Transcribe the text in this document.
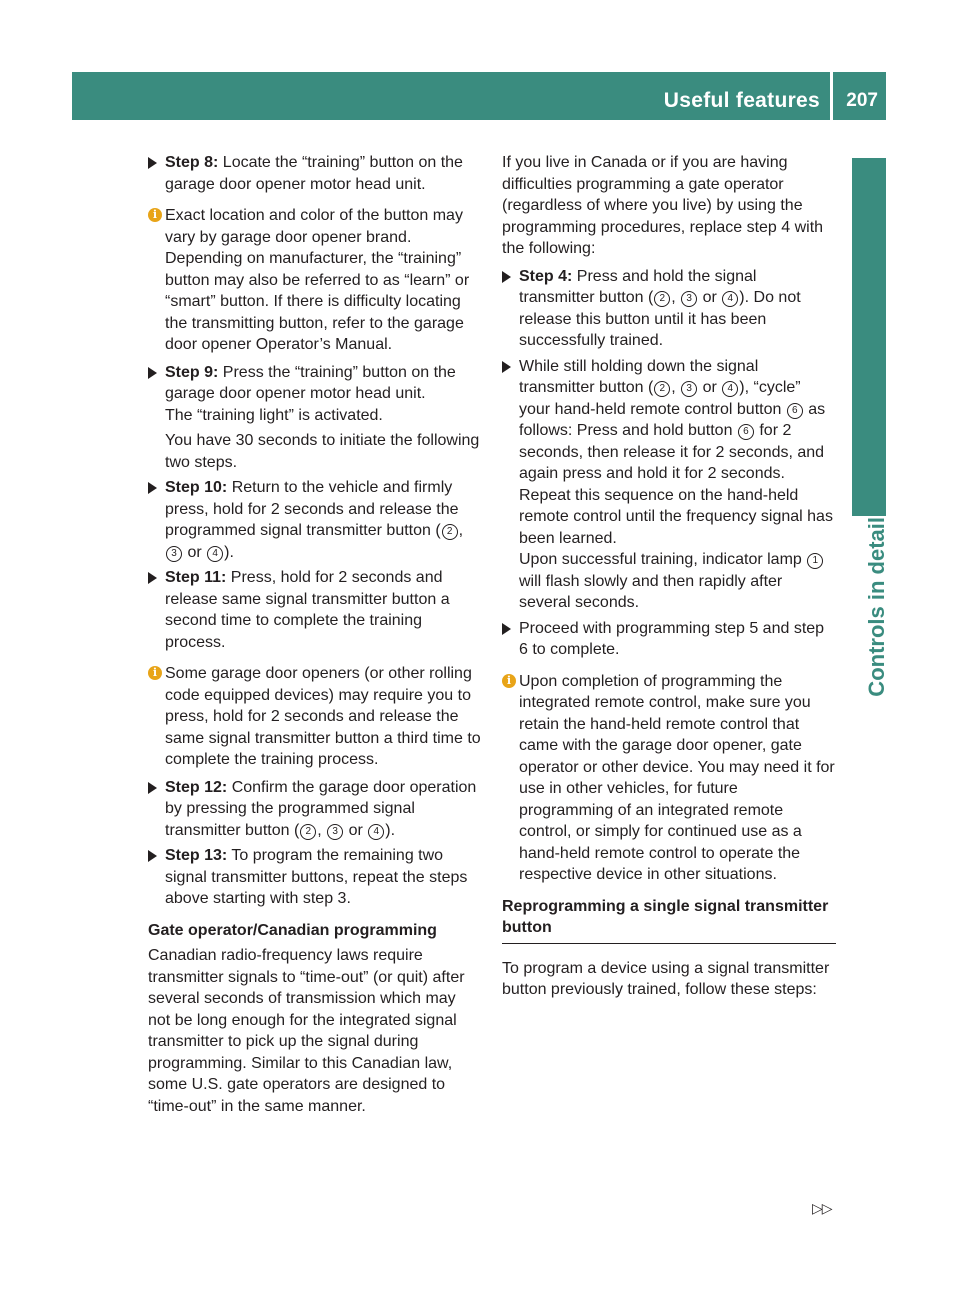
Useful features 207
Controls in detail
Step 8: Locate the “training” button on the garage door opener motor head unit.
i Exact location and color of the button may vary by garage door opener brand. Depending on manufacturer, the “training” button may also be referred to as “learn” or “smart” button. If there is difficulty locating the transmitting button, refer to the garage door opener Operator’s Manual.
Step 9: Press the “training” button on the garage door opener motor head unit.
The “training light” is activated.
You have 30 seconds to initiate the following two steps.
Step 10: Return to the vehicle and firmly press, hold for 2 seconds and release the programmed signal transmitter button ( 2 , 3 or 4 ).
Step 11: Press, hold for 2 seconds and release same signal transmitter button a second time to complete the training process.
i Some garage door openers (or other rolling code equipped devices) may require you to press, hold for 2 seconds and release the same signal transmitter button a third time to complete the training process.
Step 12: Confirm the garage door operation by pressing the programmed signal transmitter button ( 2 , 3 or 4 ).
Step 13: To program the remaining two signal transmitter buttons, repeat the steps above starting with step 3.
Gate operator/Canadian programming
Canadian radio-frequency laws require transmitter signals to “time-out” (or quit) after several seconds of transmission which may not be long enough for the integrated signal transmitter to pick up the signal during programming. Similar to this Canadian law, some U.S. gate operators are designed to “time-out” in the same manner.
If you live in Canada or if you are having difficulties programming a gate operator (regardless of where you live) by using the programming procedures, replace step 4 with the following:
Step 4: Press and hold the signal transmitter button ( 2 , 3 or 4 ). Do not release this button until it has been successfully trained.
While still holding down the signal transmitter button ( 2 , 3 or 4 ), “cycle” your hand-held remote control button 6 as follows: Press and hold button 6 for 2 seconds, then release it for 2 seconds, and again press and hold it for 2 seconds. Repeat this sequence on the hand-held remote control until the frequency signal has been learned.
Upon successful training, indicator lamp 1 will flash slowly and then rapidly after several seconds.
Proceed with programming step 5 and step 6 to complete.
i Upon completion of programming the integrated remote control, make sure you retain the hand-held remote control that came with the garage door opener, gate operator or other device. You may need it for use in other vehicles, for future programming of an integrated remote control, or simply for continued use as a hand-held remote control to operate the respective device in other situations.
Reprogramming a single signal transmitter button
To program a device using a signal transmitter button previously trained, follow these steps:
▷▷
